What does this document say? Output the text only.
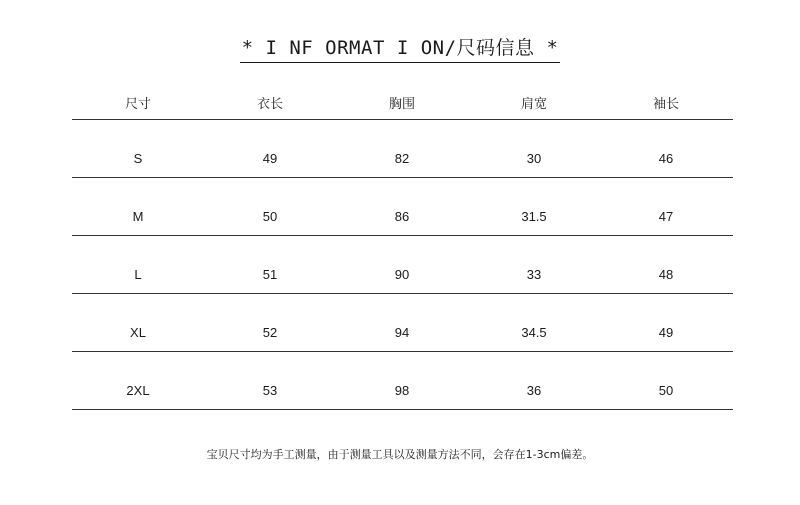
* I NF ORMAT I ON/尺码信息 *
尺寸	衣长	胸围	肩宽	袖长
S	49	82	30	46
M	50	86	31.5	47
L	51	90	33	48
XL	52	94	34.5	49
2XL	53	98	36	50
宝贝尺寸均为手工测量，由于测量工具以及测量方法不同，会存在1-3cm偏差。
